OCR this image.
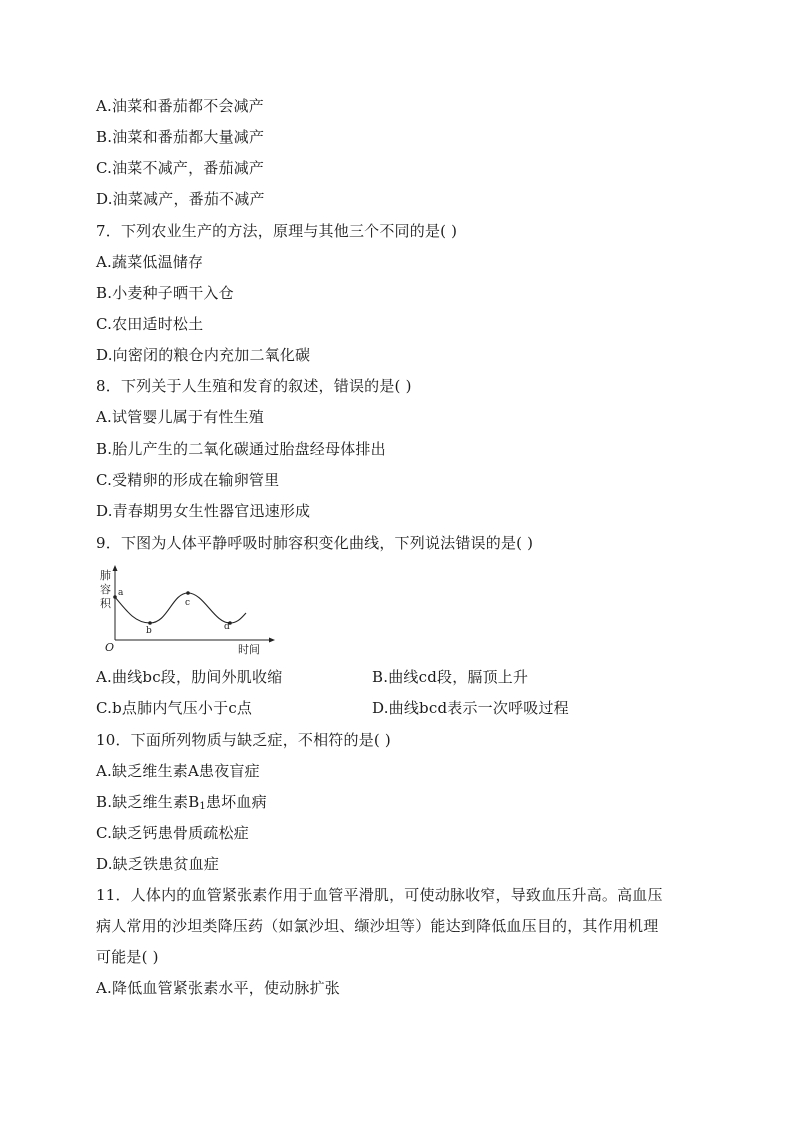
A.油菜和番茄都不会减产
B.油菜和番茄都大量减产
C.油菜不减产，番茄减产
D.油菜减产，番茄不减产
7．下列农业生产的方法，原理与其他三个不同的是( )
A.蔬菜低温储存
B.小麦种子晒干入仓
C.农田适时松土
D.向密闭的粮仓内充加二氧化碳
8．下列关于人生殖和发育的叙述，错误的是( )
A.试管婴儿属于有性生殖
B.胎儿产生的二氧化碳通过胎盘经母体排出
C.受精卵的形成在输卵管里
D.青春期男女生性器官迅速形成
9．下图为人体平静呼吸时肺容积变化曲线，下列说法错误的是( )
肺
容
积
O	时间
a
b
c
d
A.曲线bc段，肋间外肌收缩	B.曲线cd段，膈顶上升
C.b点肺内气压小于c点	D.曲线bcd表示一次呼吸过程
10．下面所列物质与缺乏症，不相符的是( )
A.缺乏维生素A患夜盲症
B.缺乏维生素$B_1$患坏血病
C.缺乏钙患骨质疏松症
D.缺乏铁患贫血症
11．人体内的血管紧张素作用于血管平滑肌，可使动脉收窄，导致血压升高。高血压
病人常用的沙坦类降压药（如氯沙坦、缬沙坦等）能达到降低血压目的，其作用机理
可能是( )
A.降低血管紧张素水平，使动脉扩张
